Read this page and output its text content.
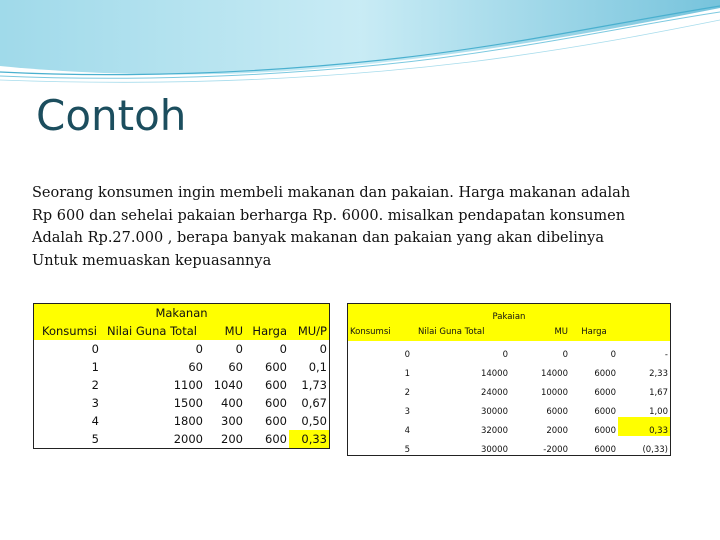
Contoh
Seorang konsumen ingin membeli makanan dan pakaian. Harga makanan adalah
Rp 600 dan sehelai pakaian berharga Rp. 6000. misalkan pendapatan konsumen
Adalah Rp.27.000 , berapa banyak makanan dan pakaian yang akan dibelinya
Untuk memuaskan kepuasannya
Makanan				
Konsumsi	Nilai Guna Total	MU	Harga	MU/P
0	0	0	0	0
1	60	60	600	0,1
2	1100	1040	600	1,73
3	1500	400	600	0,67
4	1800	300	600	0,50
5	2000	200	600	0,33
Pakaian				
Konsumsi	Nilai Guna Total	MU	Harga	
0	0	0	0	-
1	14000	14000	6000	2,33
2	24000	10000	6000	1,67
3	30000	6000	6000	1,00
4	32000	2000	6000	0,33
5	30000	-2000	6000	(0,33)
